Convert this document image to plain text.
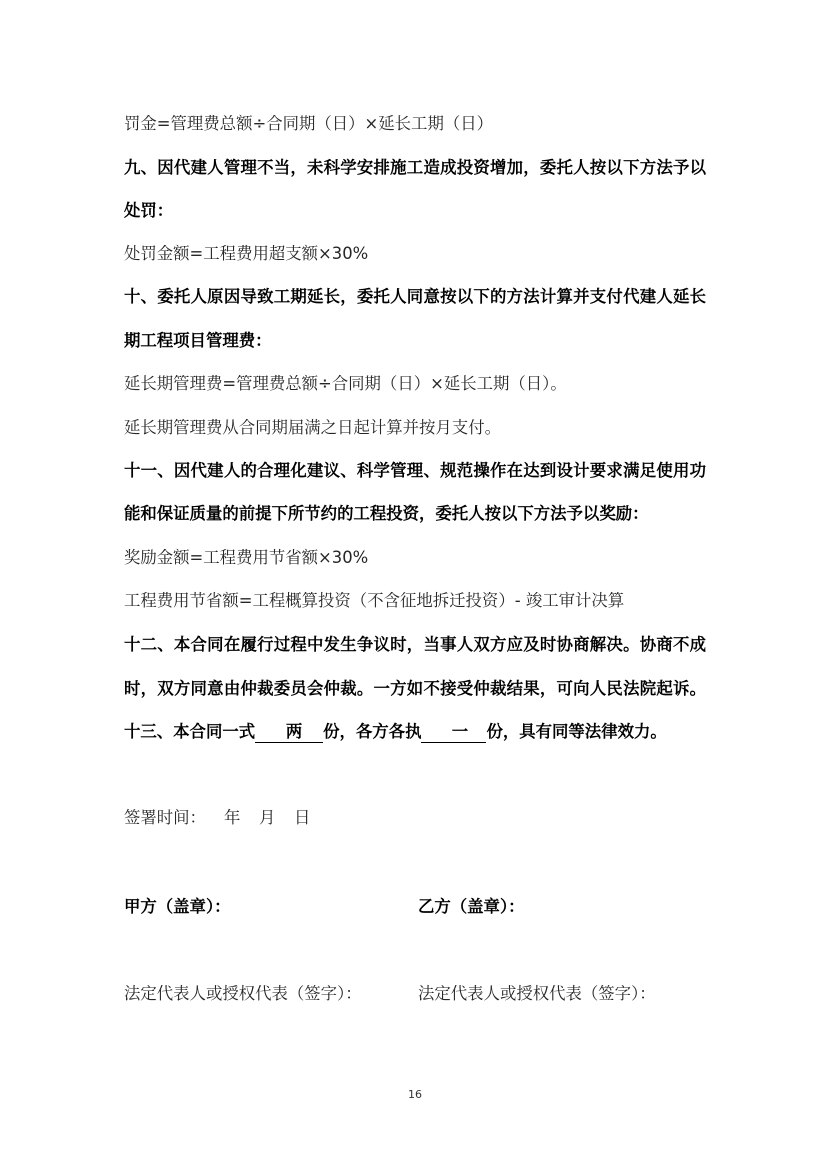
罚金=管理费总额÷合同期（日）×延长工期（日）
九、因代建人管理不当，未科学安排施工造成投资增加，委托人按以下方法予以
处罚：
处罚金额=工程费用超支额×30%
十、委托人原因导致工期延长，委托人同意按以下的方法计算并支付代建人延长
期工程项目管理费：
延长期管理费=管理费总额÷合同期（日）×延长工期（日）。
延长期管理费从合同期届满之日起计算并按月支付。
十一、因代建人的合理化建议、科学管理、规范操作在达到设计要求满足使用功
能和保证质量的前提下所节约的工程投资，委托人按以下方法予以奖励：
奖励金额=工程费用节省额×30%
工程费用节省额=工程概算投资（不含征地拆迁投资）- 竣工审计决算
十二、本合同在履行过程中发生争议时，当事人双方应及时协商解决。协商不成
时，双方同意由仲裁委员会仲裁。一方如不接受仲裁结果，可向人民法院起诉。
十三、本合同一式 两 份，各方各执 一 份，具有同等法律效力。
签署时间： 年 月 日
甲方（盖章）：	乙方（盖章）：
法定代表人或授权代表（签字）：	法定代表人或授权代表（签字）：
16
